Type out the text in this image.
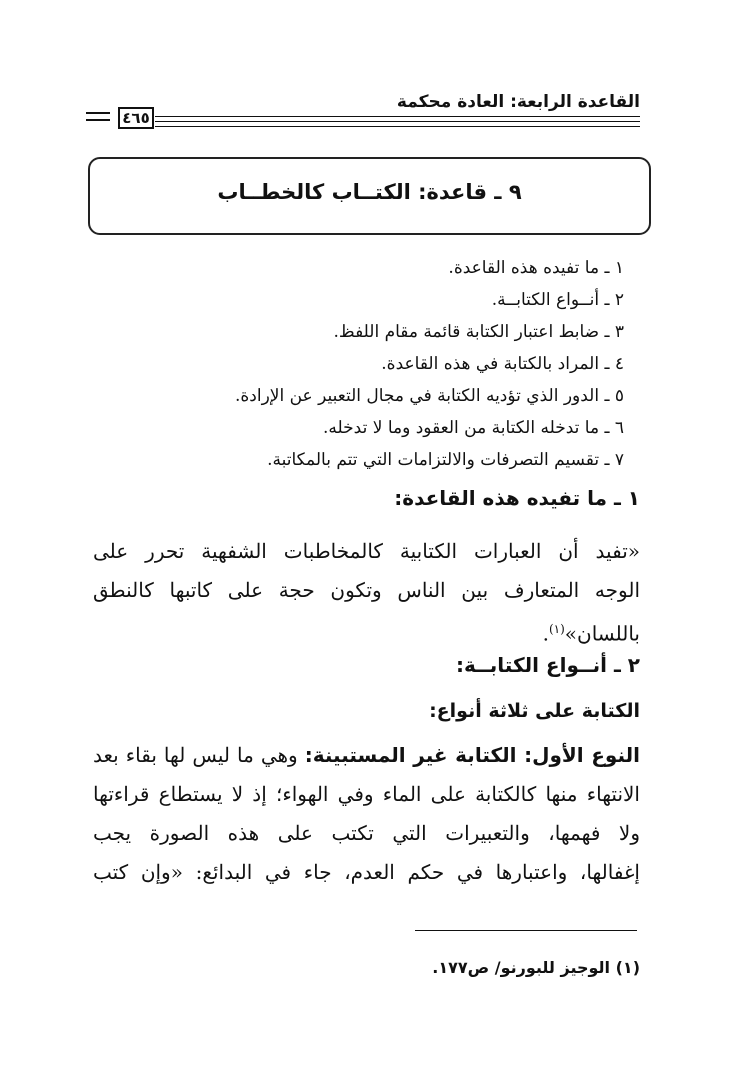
القاعدة الرابعة: العادة محكمة
٤٦٥
٩ ـ قاعدة: الكتــاب كالخطــاب
١ ـ ما تفيده هذه القاعدة.
٢ ـ أنــواع الكتابــة.
٣ ـ ضابط اعتبار الكتابة قائمة مقام اللفظ.
٤ ـ المراد بالكتابة في هذه القاعدة.
٥ ـ الدور الذي تؤديه الكتابة في مجال التعبير عن الإرادة.
٦ ـ ما تدخله الكتابة من العقود وما لا تدخله.
٧ ـ تقسيم التصرفات والالتزامات التي تتم بالمكاتبة.
١ ـ ما تفيده هذه القاعدة:
«تفيد أن العبارات الكتابية كالمخاطبات الشفهية تحرر على
الوجه المتعارف بين الناس وتكون حجة على كاتبها كالنطق
باللسان»$^{(١)}$.
٢ ـ أنــواع الكتابــة:
الكتابة على ثلاثة أنواع:
النوع الأول: الكتابة غير المستبينة: وهي ما ليس لها بقاء بعد
الانتهاء منها كالكتابة على الماء وفي الهواء؛ إذ لا يستطاع قراءتها
ولا فهمها، والتعبيرات التي تكتب على هذه الصورة يجب
إغفالها، واعتبارها في حكم العدم، جاء في البدائع: «وإن كتب
(١) الوجيز للبورنو/ ص١٧٧.
